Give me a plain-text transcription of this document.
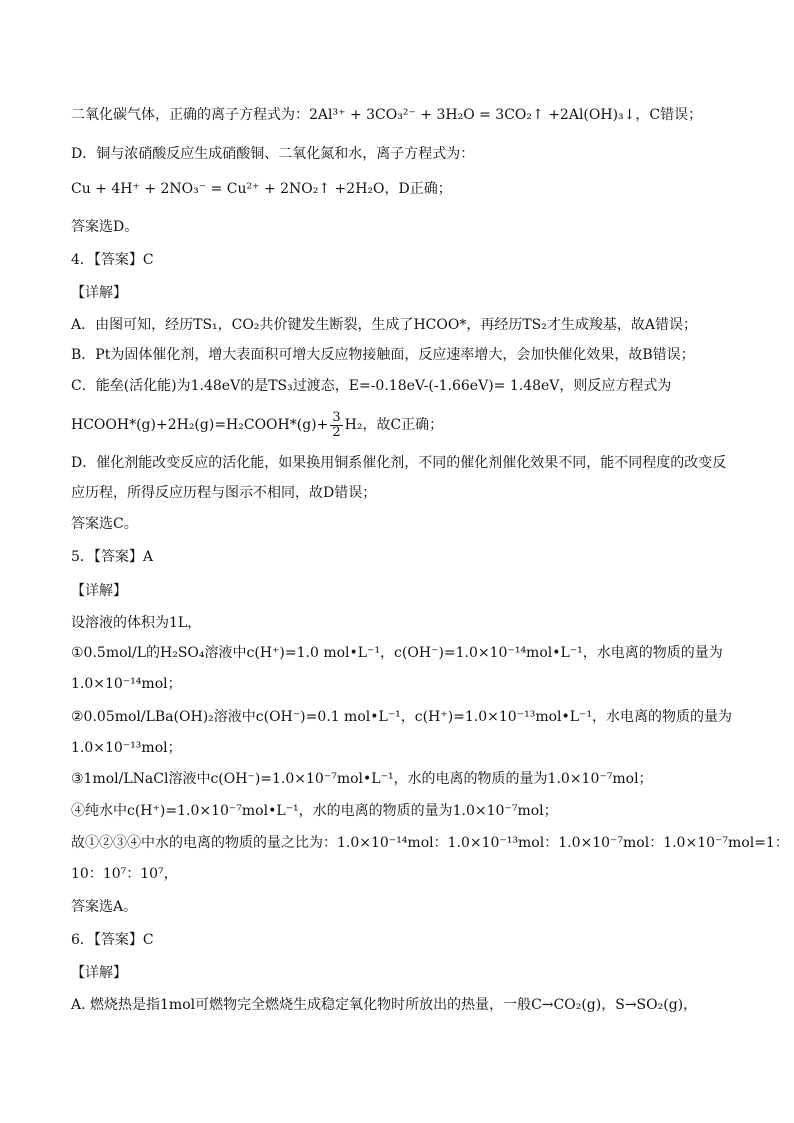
二氧化碳气体，正确的离子方程式为：2Al³⁺ + 3CO₃²⁻ + 3H₂O = 3CO₂↑ +2Al(OH)₃↓，C错误；
D．铜与浓硝酸反应生成硝酸铜、二氧化氮和水，离子方程式为：
Cu + 4H⁺ + 2NO₃⁻ = Cu²⁺ + 2NO₂↑ +2H₂O，D正确；
答案选D。
4．【答案】C
【详解】
A．由图可知，经历TS₁，CO₂共价键发生断裂，生成了HCOO*，再经历TS₂才生成羧基，故A错误；
B．Pt为固体催化剂，增大表面积可增大反应物接触面，反应速率增大，会加快催化效果，故B错误；
C．能垒(活化能)为1.48eV的是TS₃过渡态，E=-0.18eV-(-1.66eV)= 1.48eV，则反应方程式为
HCOOH*(g)+2H₂(g)=H₂COOH*(g)+ $\frac{3}{2} H_2$，故C正确；
D．催化剂能改变反应的活化能，如果换用铜系催化剂，不同的催化剂催化效果不同，能不同程度的改变反
应历程，所得反应历程与图示不相同，故D错误；
答案选C。
5．【答案】A
【详解】
设溶液的体积为1L，
①0.5mol/L的H₂SO₄溶液中c(H⁺)=1.0 mol•L⁻¹，c(OH⁻)=1.0×10⁻¹⁴mol•L⁻¹，水电离的物质的量为
1.0×10⁻¹⁴mol；
②0.05mol/LBa(OH)₂溶液中c(OH⁻)=0.1 mol•L⁻¹，c(H⁺)=1.0×10⁻¹³mol•L⁻¹，水电离的物质的量为
1.0×10⁻¹³mol；
③1mol/LNaCl溶液中c(OH⁻)=1.0×10⁻⁷mol•L⁻¹，水的电离的物质的量为1.0×10⁻⁷mol；
④纯水中c(H⁺)=1.0×10⁻⁷mol•L⁻¹，水的电离的物质的量为1.0×10⁻⁷mol；
故①②③④中水的电离的物质的量之比为：1.0×10⁻¹⁴mol：1.0×10⁻¹³mol：1.0×10⁻⁷mol：1.0×10⁻⁷mol=1：
10：10⁷：10⁷，
答案选A。
6．【答案】C
【详解】
A. 燃烧热是指1mol可燃物完全燃烧生成稳定氧化物时所放出的热量，一般C→CO₂(g)，S→SO₂(g)，
